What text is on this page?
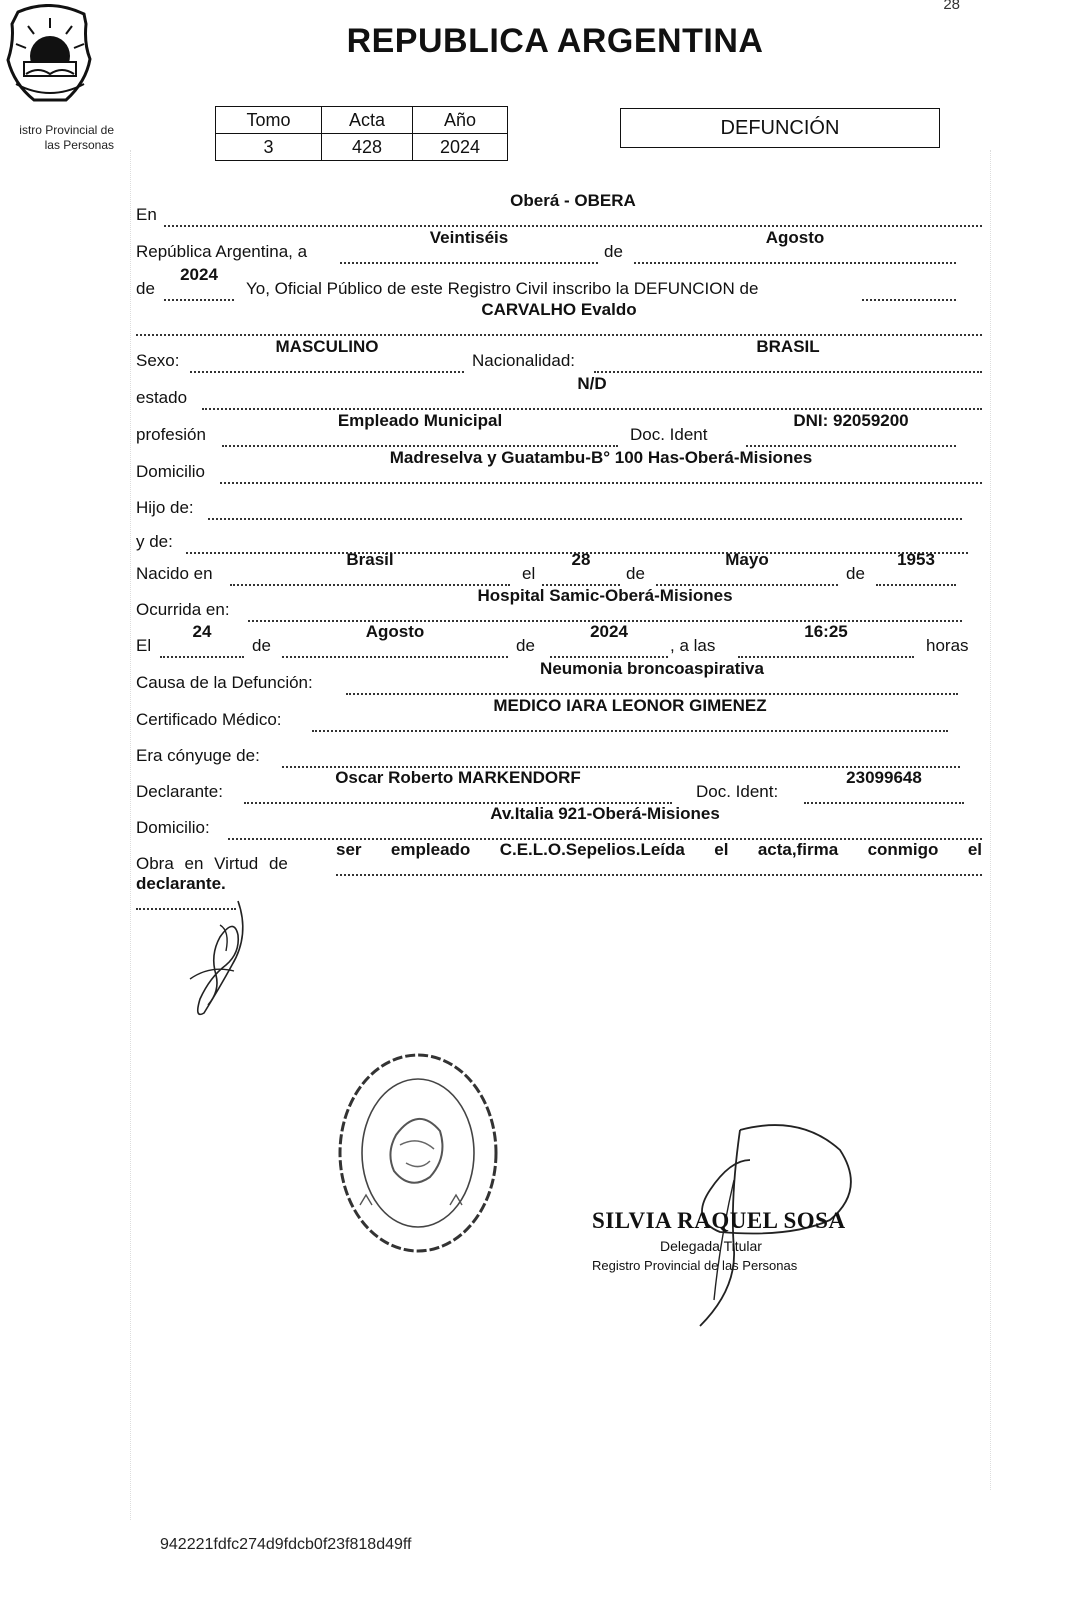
28
istro Provincial de
las Personas
REPUBLICA ARGENTINA
Tomo	Acta	Año
3	428	2024
DEFUNCIÓN
En
Oberá - OBERA
República Argentina, a
Veintiséis
de
Agosto
de
2024
Yo, Oficial Público de este Registro Civil inscribo la DEFUNCION de
CARVALHO Evaldo
Sexo:
MASCULINO
Nacionalidad:
BRASIL
estado
N/D
profesión
Empleado Municipal
Doc. Ident
DNI: 92059200
Domicilio
Madreselva y Guatambu-B° 100 Has-Oberá-Misiones
Hijo de:
y de:
Nacido en
Brasil
el
28
de
Mayo
de
1953
Ocurrida en:
Hospital Samic-Oberá-Misiones
El
24
de
Agosto
de
2024
, a las
16:25
horas
Causa de la Defunción:
Neumonia broncoaspirativa
Certificado Médico:
MEDICO IARA LEONOR GIMENEZ
Era cónyuge de:
Declarante:
Oscar Roberto MARKENDORF
Doc. Ident:
23099648
Domicilio:
Av.Italia 921-Oberá-Misiones
Obra en Virtud de
ser empleado C.E.L.O.Sepelios.Leída el acta,firma conmigo el
declarante.
SILVIA RAQUEL SOSA
Delegada Titular
Registro Provincial de las Personas
942221fdfc274d9fdcb0f23f818d49ff
